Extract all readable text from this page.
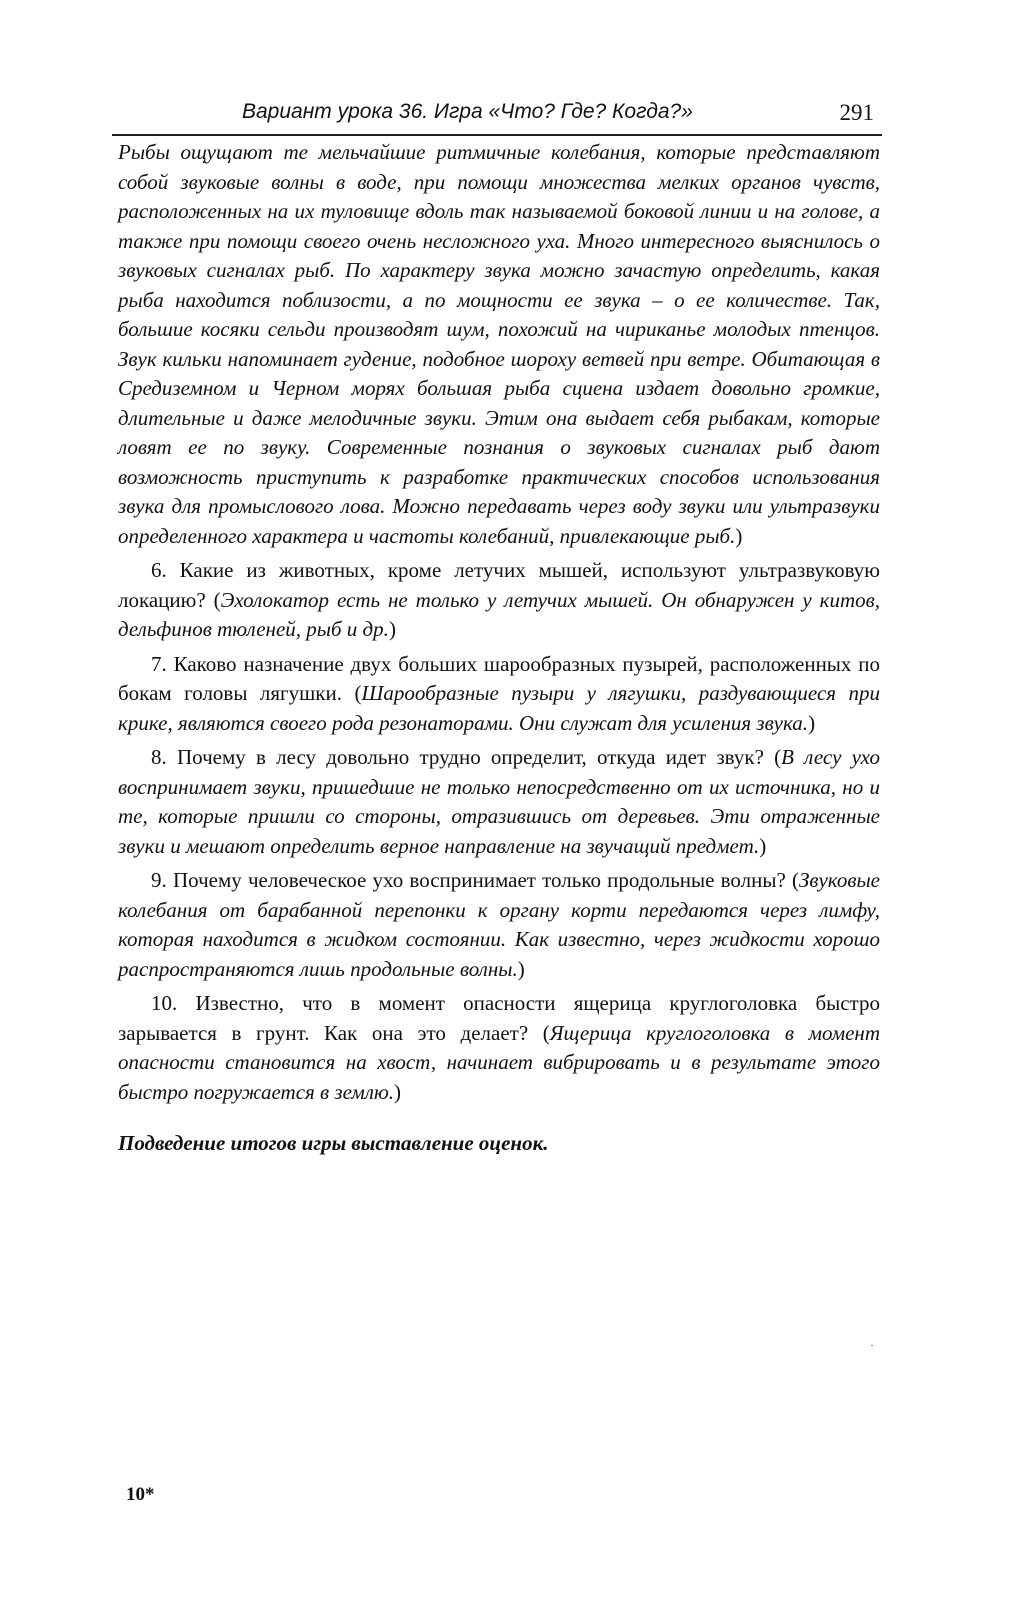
Вариант урока 36. Игра «Что? Где? Когда?»	291

Рыбы ощущают те мельчайшие ритмичные колебания, которые представляют собой звуковые волны в воде, при помощи множества мелких органов чувств, расположенных на их туловище вдоль так называемой боковой линии и на голове, а также при помощи своего очень несложного уха. Много интересного выяснилось о звуковых сигналах рыб. По характеру звука можно зачастую определить, какая рыба находится поблизости, а по мощности ее звука – о ее количестве. Так, большие косяки сельди производят шум, похожий на чириканье молодых птенцов. Звук кильки напоминает гудение, подобное шороху ветвей при ветре. Обитающая в Средиземном и Черном морях большая рыба сциена издает довольно громкие, длительные и даже мелодичные звуки. Этим она выдает себя рыбакам, которые ловят ее по звуку. Современные познания о звуковых сигналах рыб дают возможность приступить к разработке практических способов использования звука для промыслового лова. Можно передавать через воду звуки или ультразвуки определенного характера и частоты колебаний, привлекающие рыб.)

6. Какие из животных, кроме летучих мышей, используют ультразвуковую локацию? (Эхолокатор есть не только у летучих мышей. Он обнаружен у китов, дельфинов тюленей, рыб и др.)

7. Каково назначение двух больших шарообразных пузырей, расположенных по бокам головы лягушки. (Шарообразные пузыри у лягушки, раздувающиеся при крике, являются своего рода резонаторами. Они служат для усиления звука.)

8. Почему в лесу довольно трудно определит, откуда идет звук? (В лесу ухо воспринимает звуки, пришедшие не только непосредственно от их источника, но и те, которые пришли со стороны, отразившись от деревьев. Эти отраженные звуки и мешают определить верное направление на звучащий предмет.)

9. Почему человеческое ухо воспринимает только продольные волны? (Звуковые колебания от барабанной перепонки к органу корти передаются через лимфу, которая находится в жидком состоянии. Как известно, через жидкости хорошо распространяются лишь продольные волны.)

10. Известно, что в момент опасности ящерица круглоголовка быстро зарывается в грунт. Как она это делает? (Ящерица круглоголовка в момент опасности становится на хвост, начинает вибрировать и в результате этого быстро погружается в землю.)

Подведение итогов игры выставление оценок.

·
10*
